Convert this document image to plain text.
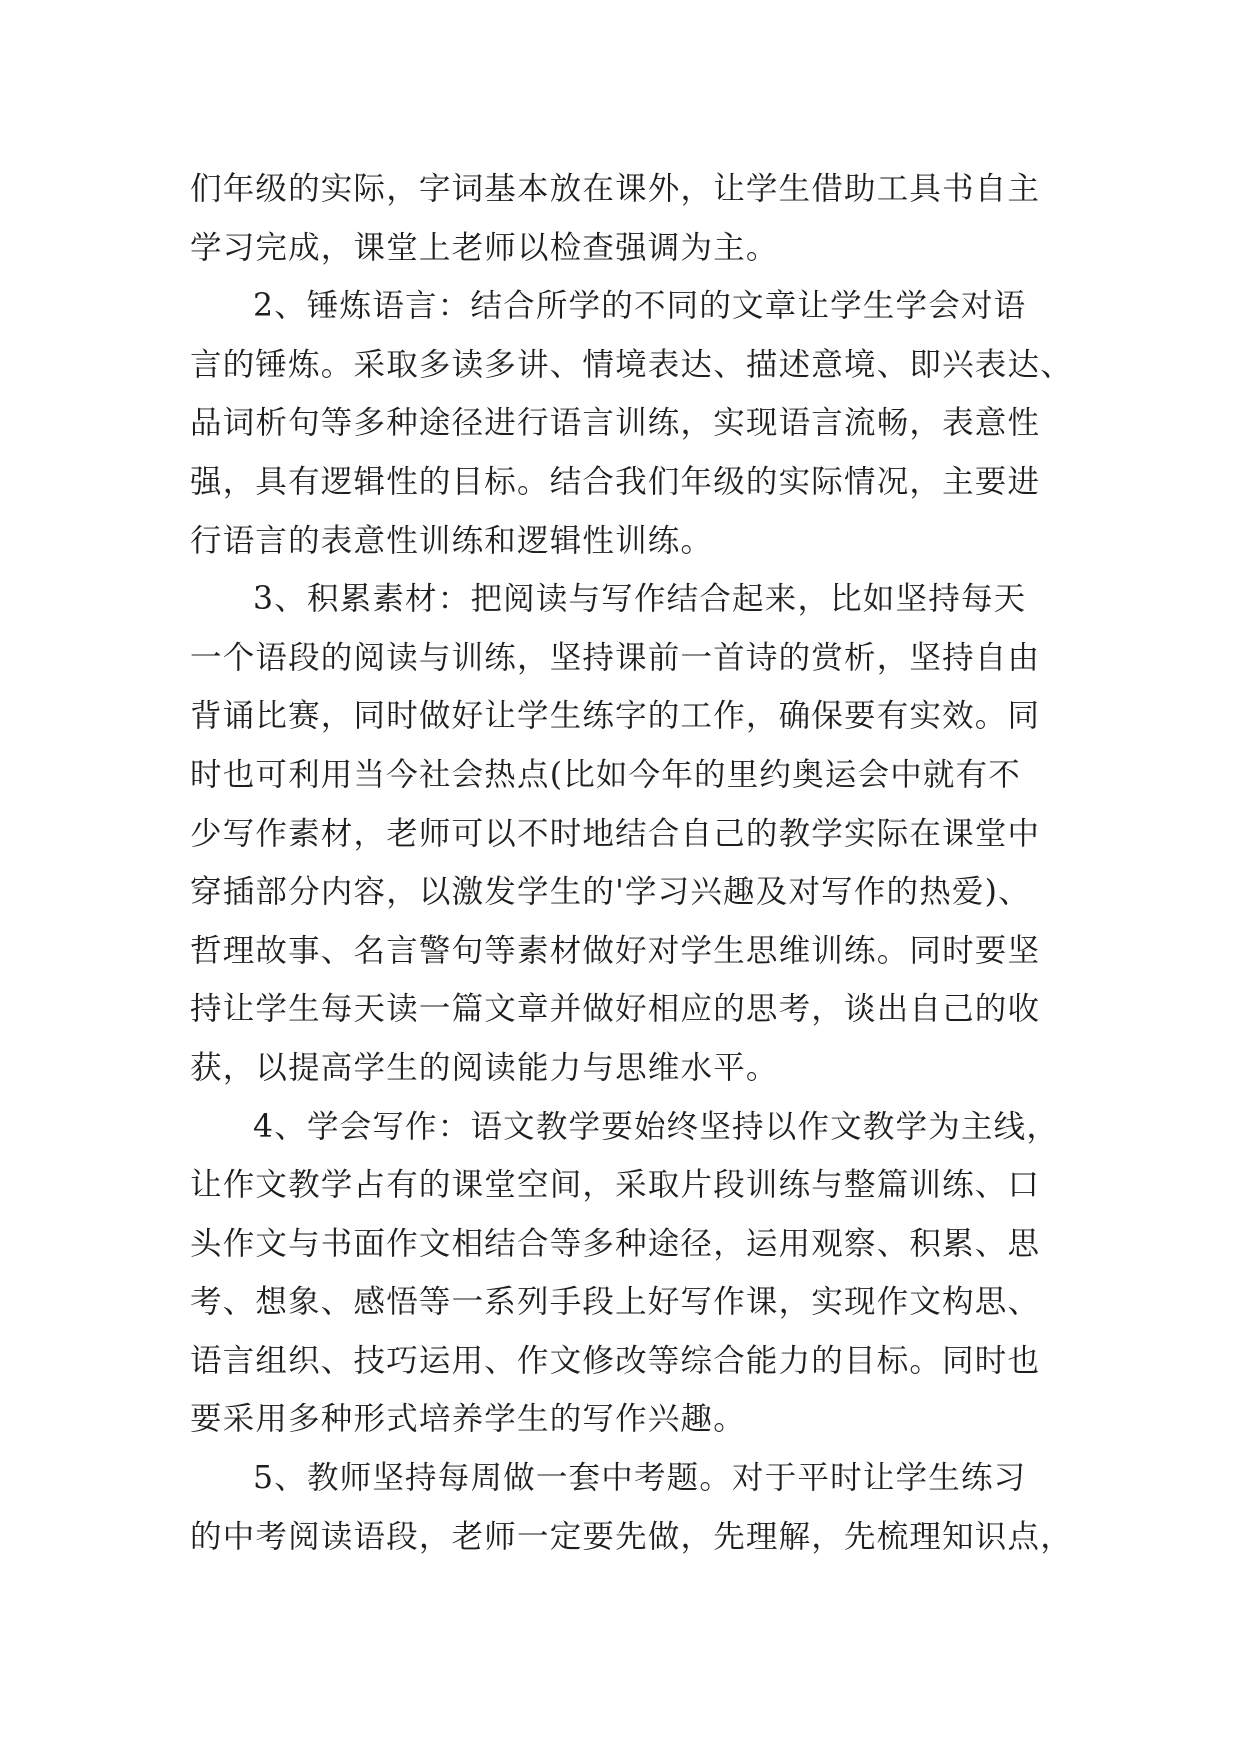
们年级的实际，字词基本放在课外，让学生借助工具书自主
学习完成，课堂上老师以检查强调为主。
2、锤炼语言：结合所学的不同的文章让学生学会对语
言的锤炼。采取多读多讲、情境表达、描述意境、即兴表达、
品词析句等多种途径进行语言训练，实现语言流畅，表意性
强，具有逻辑性的目标。结合我们年级的实际情况，主要进
行语言的表意性训练和逻辑性训练。
3、积累素材：把阅读与写作结合起来，比如坚持每天
一个语段的阅读与训练，坚持课前一首诗的赏析，坚持自由
背诵比赛，同时做好让学生练字的工作，确保要有实效。同
时也可利用当今社会热点(比如今年的里约奥运会中就有不
少写作素材，老师可以不时地结合自己的教学实际在课堂中
穿插部分内容，以激发学生的'学习兴趣及对写作的热爱)、
哲理故事、名言警句等素材做好对学生思维训练。同时要坚
持让学生每天读一篇文章并做好相应的思考，谈出自己的收
获，以提高学生的阅读能力与思维水平。
4、学会写作：语文教学要始终坚持以作文教学为主线，
让作文教学占有的课堂空间，采取片段训练与整篇训练、口
头作文与书面作文相结合等多种途径，运用观察、积累、思
考、想象、感悟等一系列手段上好写作课，实现作文构思、
语言组织、技巧运用、作文修改等综合能力的目标。同时也
要采用多种形式培养学生的写作兴趣。
5、教师坚持每周做一套中考题。对于平时让学生练习
的中考阅读语段，老师一定要先做，先理解，先梳理知识点，
